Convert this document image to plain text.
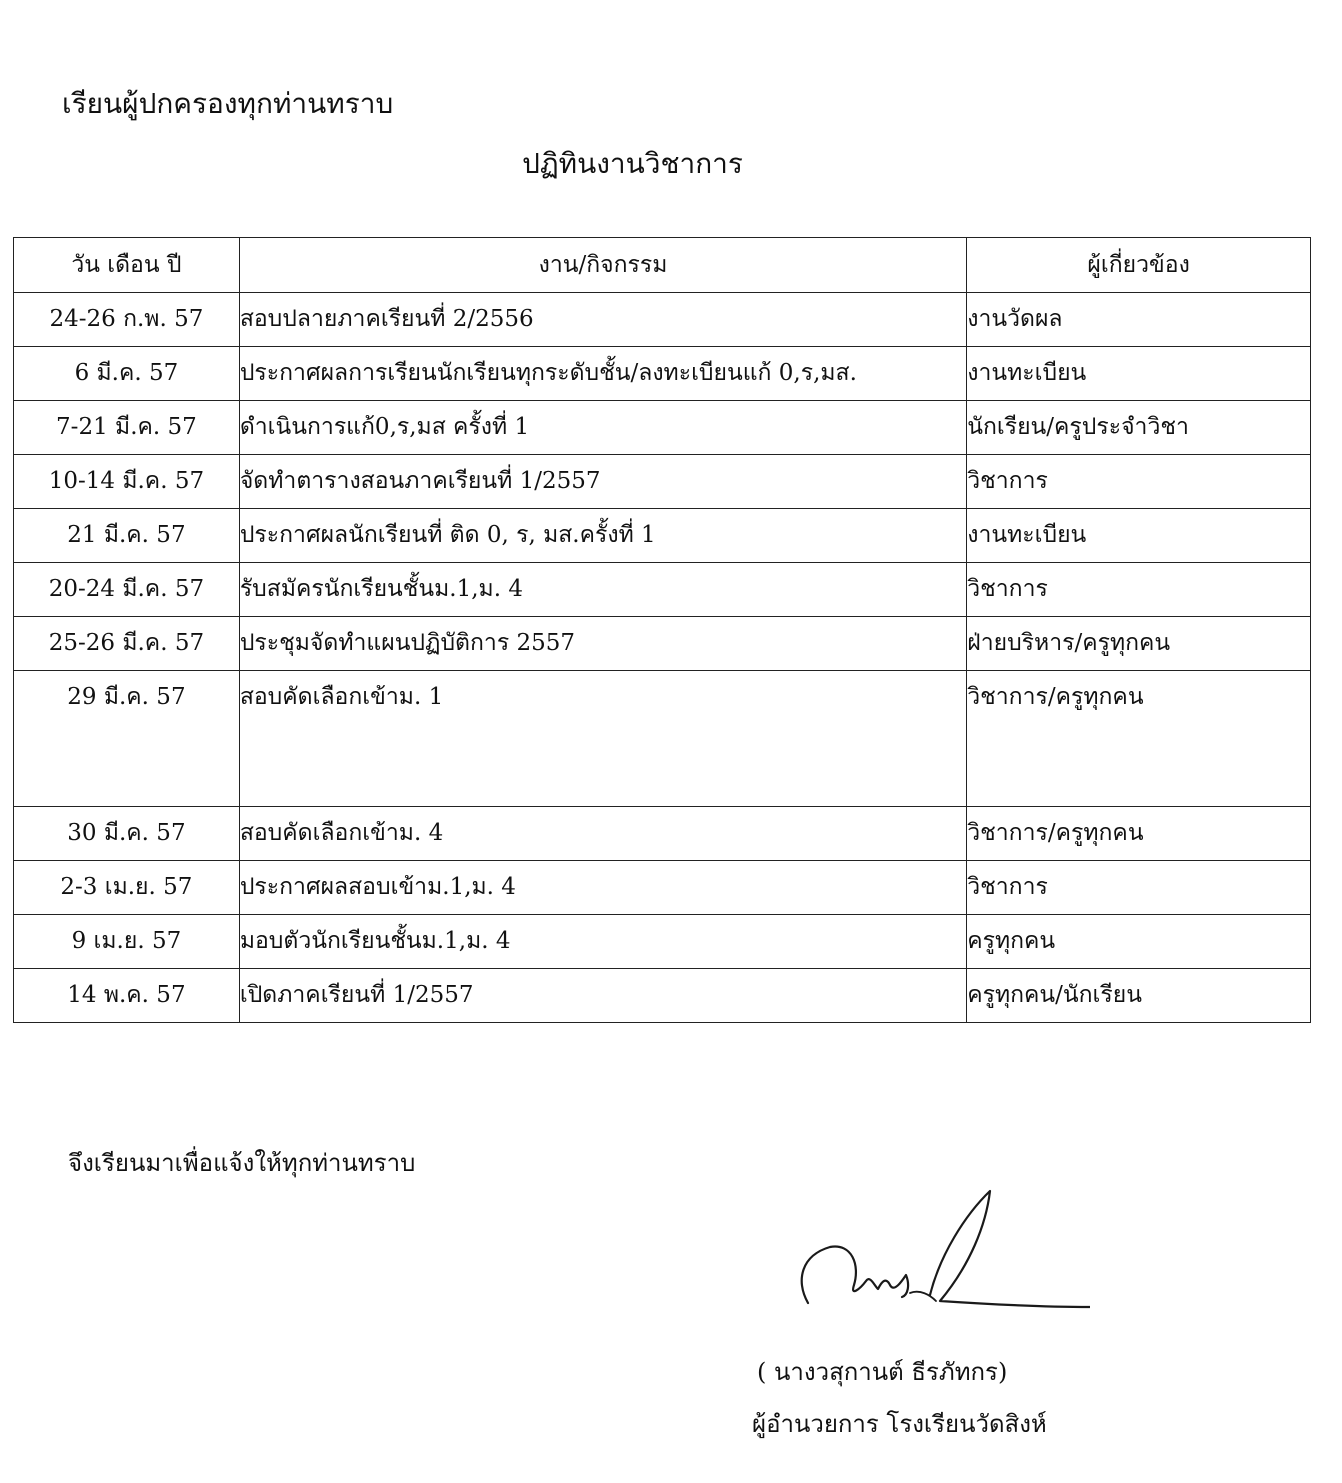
เรียนผู้ปกครองทุกท่านทราบ
ปฏิทินงานวิชาการ
วัน เดือน ปี	งาน/กิจกรรม	ผู้เกี่ยวข้อง
24-26 ก.พ. 57	สอบปลายภาคเรียนที่ 2/2556	งานวัดผล
6 มี.ค. 57	ประกาศผลการเรียนนักเรียนทุกระดับชั้น/ลงทะเบียนแก้ 0,ร,มส.	งานทะเบียน
7-21 มี.ค. 57	ดำเนินการแก้0,ร,มส ครั้งที่ 1	นักเรียน/ครูประจำวิชา
10-14 มี.ค. 57	จัดทำตารางสอนภาคเรียนที่ 1/2557	วิชาการ
21 มี.ค. 57	ประกาศผลนักเรียนที่ ติด 0, ร, มส.ครั้งที่ 1	งานทะเบียน
20-24 มี.ค. 57	รับสมัครนักเรียนชั้นม.1,ม. 4	วิชาการ
25-26 มี.ค. 57	ประชุมจัดทำแผนปฏิบัติการ 2557	ฝ่ายบริหาร/ครูทุกคน
29 มี.ค. 57	สอบคัดเลือกเข้าม. 1	วิชาการ/ครูทุกคน
30 มี.ค. 57	สอบคัดเลือกเข้าม. 4	วิชาการ/ครูทุกคน
2-3 เม.ย. 57	ประกาศผลสอบเข้าม.1,ม. 4	วิชาการ
9 เม.ย. 57	มอบตัวนักเรียนชั้นม.1,ม. 4	ครูทุกคน
14 พ.ค. 57	เปิดภาคเรียนที่ 1/2557	ครูทุกคน/นักเรียน

จึงเรียนมาเพื่อแจ้งให้ทุกท่านทราบ

( นางวสุกานต์ ธีรภัทกร)

ผู้อำนวยการ โรงเรียนวัดสิงห์
